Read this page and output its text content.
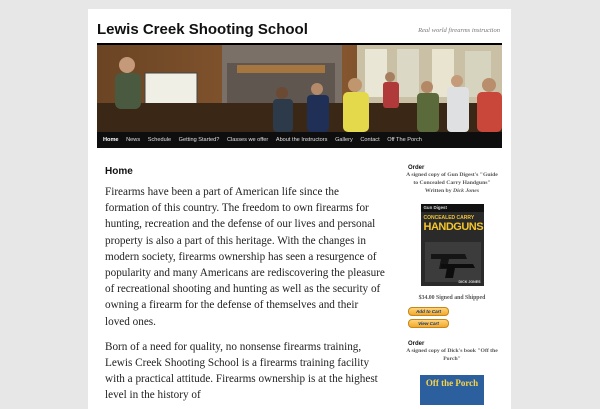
Lewis Creek Shooting School	Real world firearms instruction
Home News Schedule Getting Started? Classes we offer About the Instructors Gallery Contact Off The Porch
Home

Firearms have been a part of American life since the formation of this country. The freedom to own firearms for hunting, recreation and the defense of our lives and personal property is also a part of this heritage. With the changes in modern society, firearms ownership has seen a resurgence of popularity and many Americans are rediscovering the pleasure of recreational shooting and hunting as well as the security of owning a firearm for the defense of themselves and their loved ones.

Born of a need for quality, no nonsense firearms training, Lewis Creek Shooting School is a firearms training facility with a practical attitude. Firearms ownership is at the highest level in the history of

Order
A signed copy of Gun Digest's "Guide to Concealed Carry Handguns" Written by Dick Jones
Gun Digest
CONCEALED CARRY
HANDGUNS
DICK JONES
$34.00 Signed and Shipped
Add to Cart
View Cart
Order
A signed copy of Dick's book "Off the Porch"
Off the Porch
